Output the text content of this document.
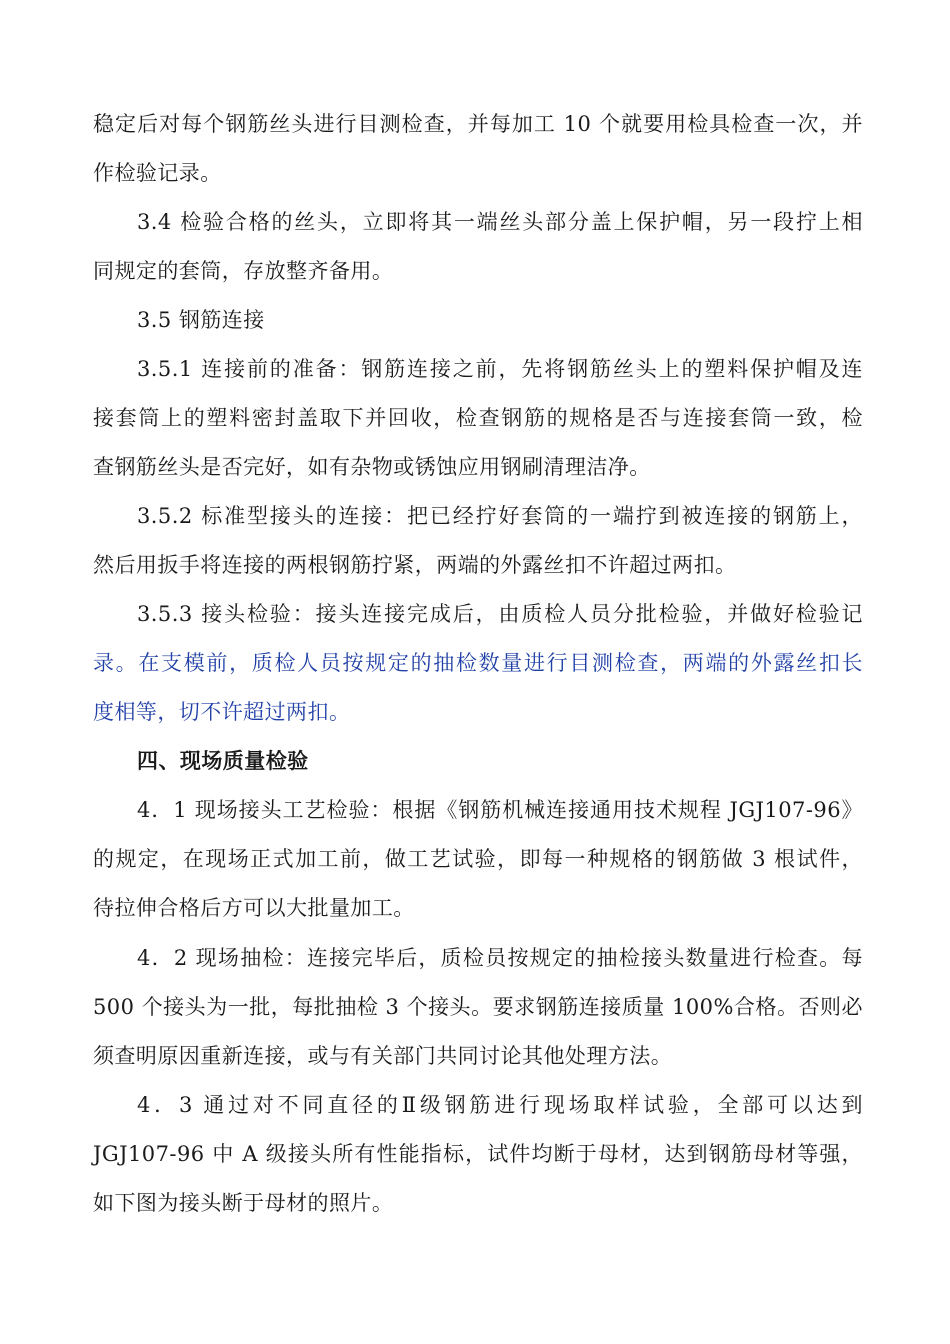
稳定后对每个钢筋丝头进行目测检查，并每加工 10 个就要用检具检查一次，并
作检验记录。
3.4 检验合格的丝头，立即将其一端丝头部分盖上保护帽，另一段拧上相
同规定的套筒，存放整齐备用。
3.5 钢筋连接
3.5.1 连接前的准备：钢筋连接之前，先将钢筋丝头上的塑料保护帽及连
接套筒上的塑料密封盖取下并回收，检查钢筋的规格是否与连接套筒一致，检
查钢筋丝头是否完好，如有杂物或锈蚀应用钢刷清理洁净。
3.5.2 标准型接头的连接：把已经拧好套筒的一端拧到被连接的钢筋上，
然后用扳手将连接的两根钢筋拧紧，两端的外露丝扣不许超过两扣。
3.5.3 接头检验：接头连接完成后，由质检人员分批检验，并做好检验记
录。在支模前，质检人员按规定的抽检数量进行目测检查，两端的外露丝扣长
度相等，切不许超过两扣。
四、现场质量检验
4．1 现场接头工艺检验：根据《钢筋机械连接通用技术规程 JGJ107-96》
的规定，在现场正式加工前，做工艺试验，即每一种规格的钢筋做 3 根试件，
待拉伸合格后方可以大批量加工。
4．2 现场抽检：连接完毕后，质检员按规定的抽检接头数量进行检查。每
500 个接头为一批，每批抽检 3 个接头。要求钢筋连接质量 100%合格。否则必
须查明原因重新连接，或与有关部门共同讨论其他处理方法。
4．3 通过对不同直径的Ⅱ级钢筋进行现场取样试验，全部可以达到
JGJ107-96 中 A 级接头所有性能指标，试件均断于母材，达到钢筋母材等强，
如下图为接头断于母材的照片。
